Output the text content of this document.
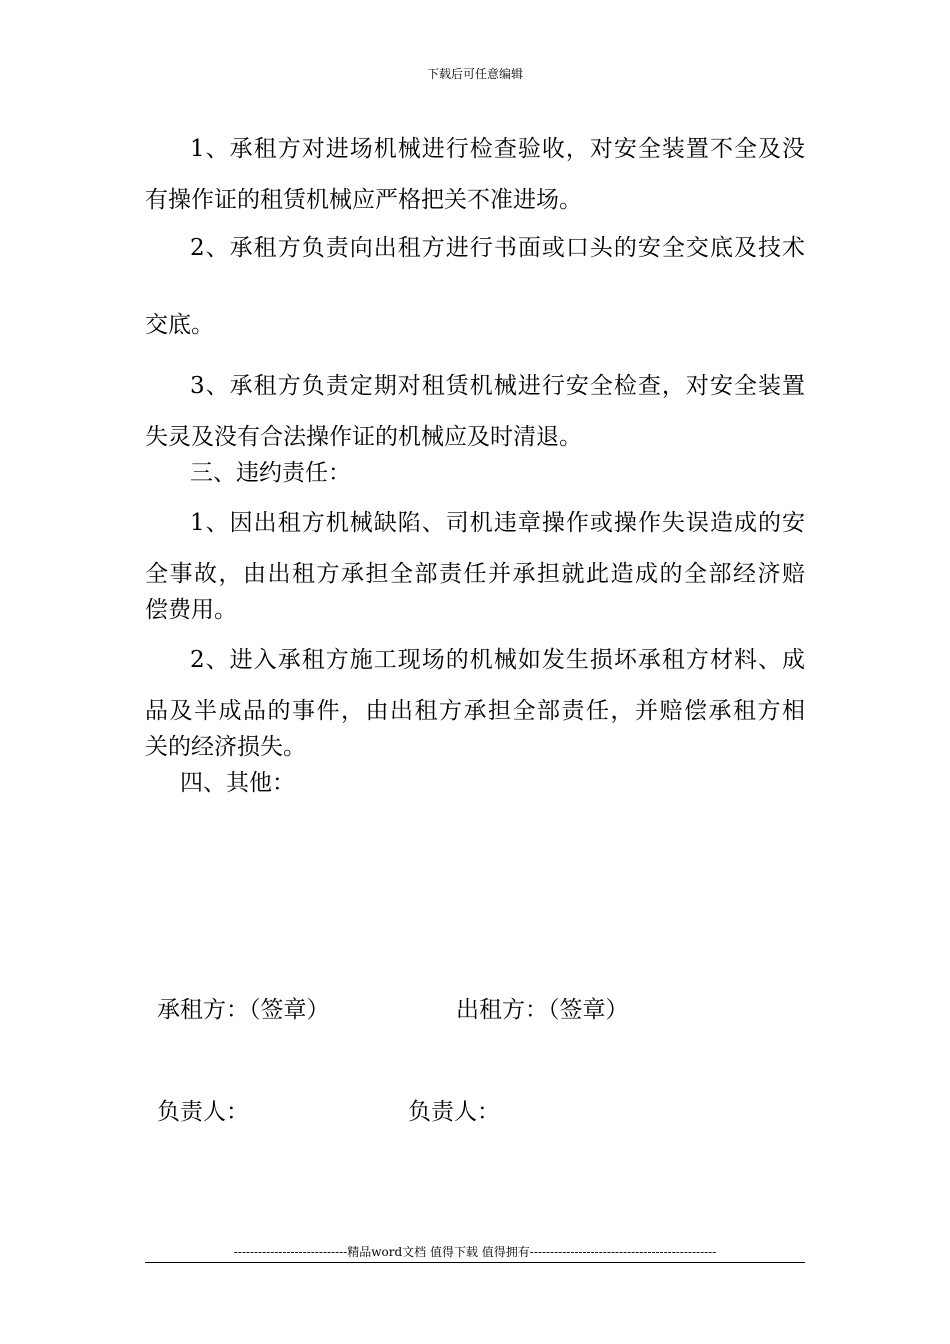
下载后可任意编辑
1、承租方对进场机械进行检查验收，对安全装置不全及没
有操作证的租赁机械应严格把关不准进场。
2、承租方负责向出租方进行书面或口头的安全交底及技术
交底。
3、承租方负责定期对租赁机械进行安全检查，对安全装置
失灵及没有合法操作证的机械应及时清退。
三、违约责任：
1、因出租方机械缺陷、司机违章操作或操作失误造成的安
全事故，由出租方承担全部责任并承担就此造成的全部经济赔
偿费用。
2、进入承租方施工现场的机械如发生损坏承租方材料、成
品及半成品的事件，由出租方承担全部责任，并赔偿承租方相
关的经济损失。
四、其他：
承租方：（签章）	出租方：（签章）
负责人：	负责人：
----------------------------精品word文档 值得下载 值得拥有----------------------------------------------
